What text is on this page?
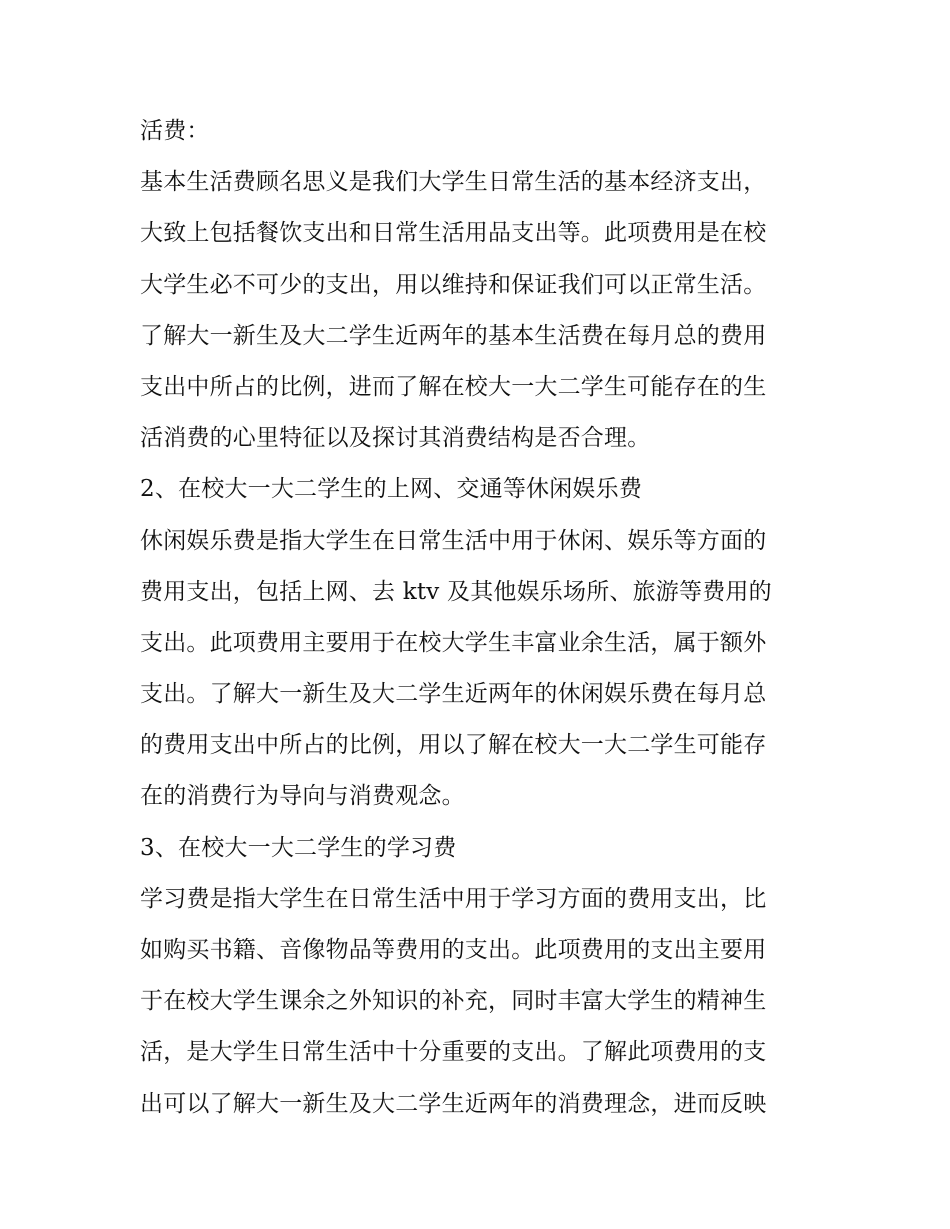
活费：
基本生活费顾名思义是我们大学生日常生活的基本经济支出，
大致上包括餐饮支出和日常生活用品支出等。此项费用是在校
大学生必不可少的支出，用以维持和保证我们可以正常生活。
了解大一新生及大二学生近两年的基本生活费在每月总的费用
支出中所占的比例，进而了解在校大一大二学生可能存在的生
活消费的心里特征以及探讨其消费结构是否合理。
2、在校大一大二学生的上网、交通等休闲娱乐费
休闲娱乐费是指大学生在日常生活中用于休闲、娱乐等方面的
费用支出，包括上网、去 ktv 及其他娱乐场所、旅游等费用的
支出。此项费用主要用于在校大学生丰富业余生活，属于额外
支出。了解大一新生及大二学生近两年的休闲娱乐费在每月总
的费用支出中所占的比例，用以了解在校大一大二学生可能存
在的消费行为导向与消费观念。
3、在校大一大二学生的学习费
学习费是指大学生在日常生活中用于学习方面的费用支出，比
如购买书籍、音像物品等费用的支出。此项费用的支出主要用
于在校大学生课余之外知识的补充，同时丰富大学生的精神生
活，是大学生日常生活中十分重要的支出。了解此项费用的支
出可以了解大一新生及大二学生近两年的消费理念，进而反映
